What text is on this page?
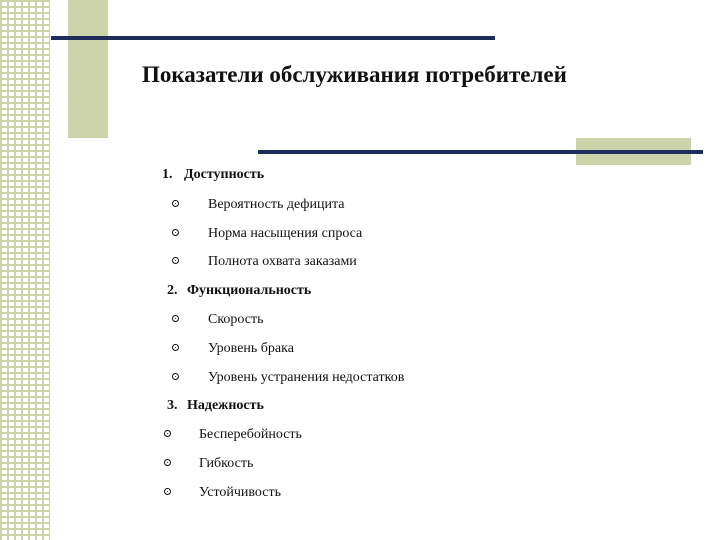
Показатели обслуживания потребителей
1. Доступность
Вероятность дефицита
Норма насыщения спроса
Полнота охвата заказами
2. Функциональность
Скорость
Уровень брака
Уровень устранения недостатков
3. Надежность
Бесперебойность
Гибкость
Устойчивость
